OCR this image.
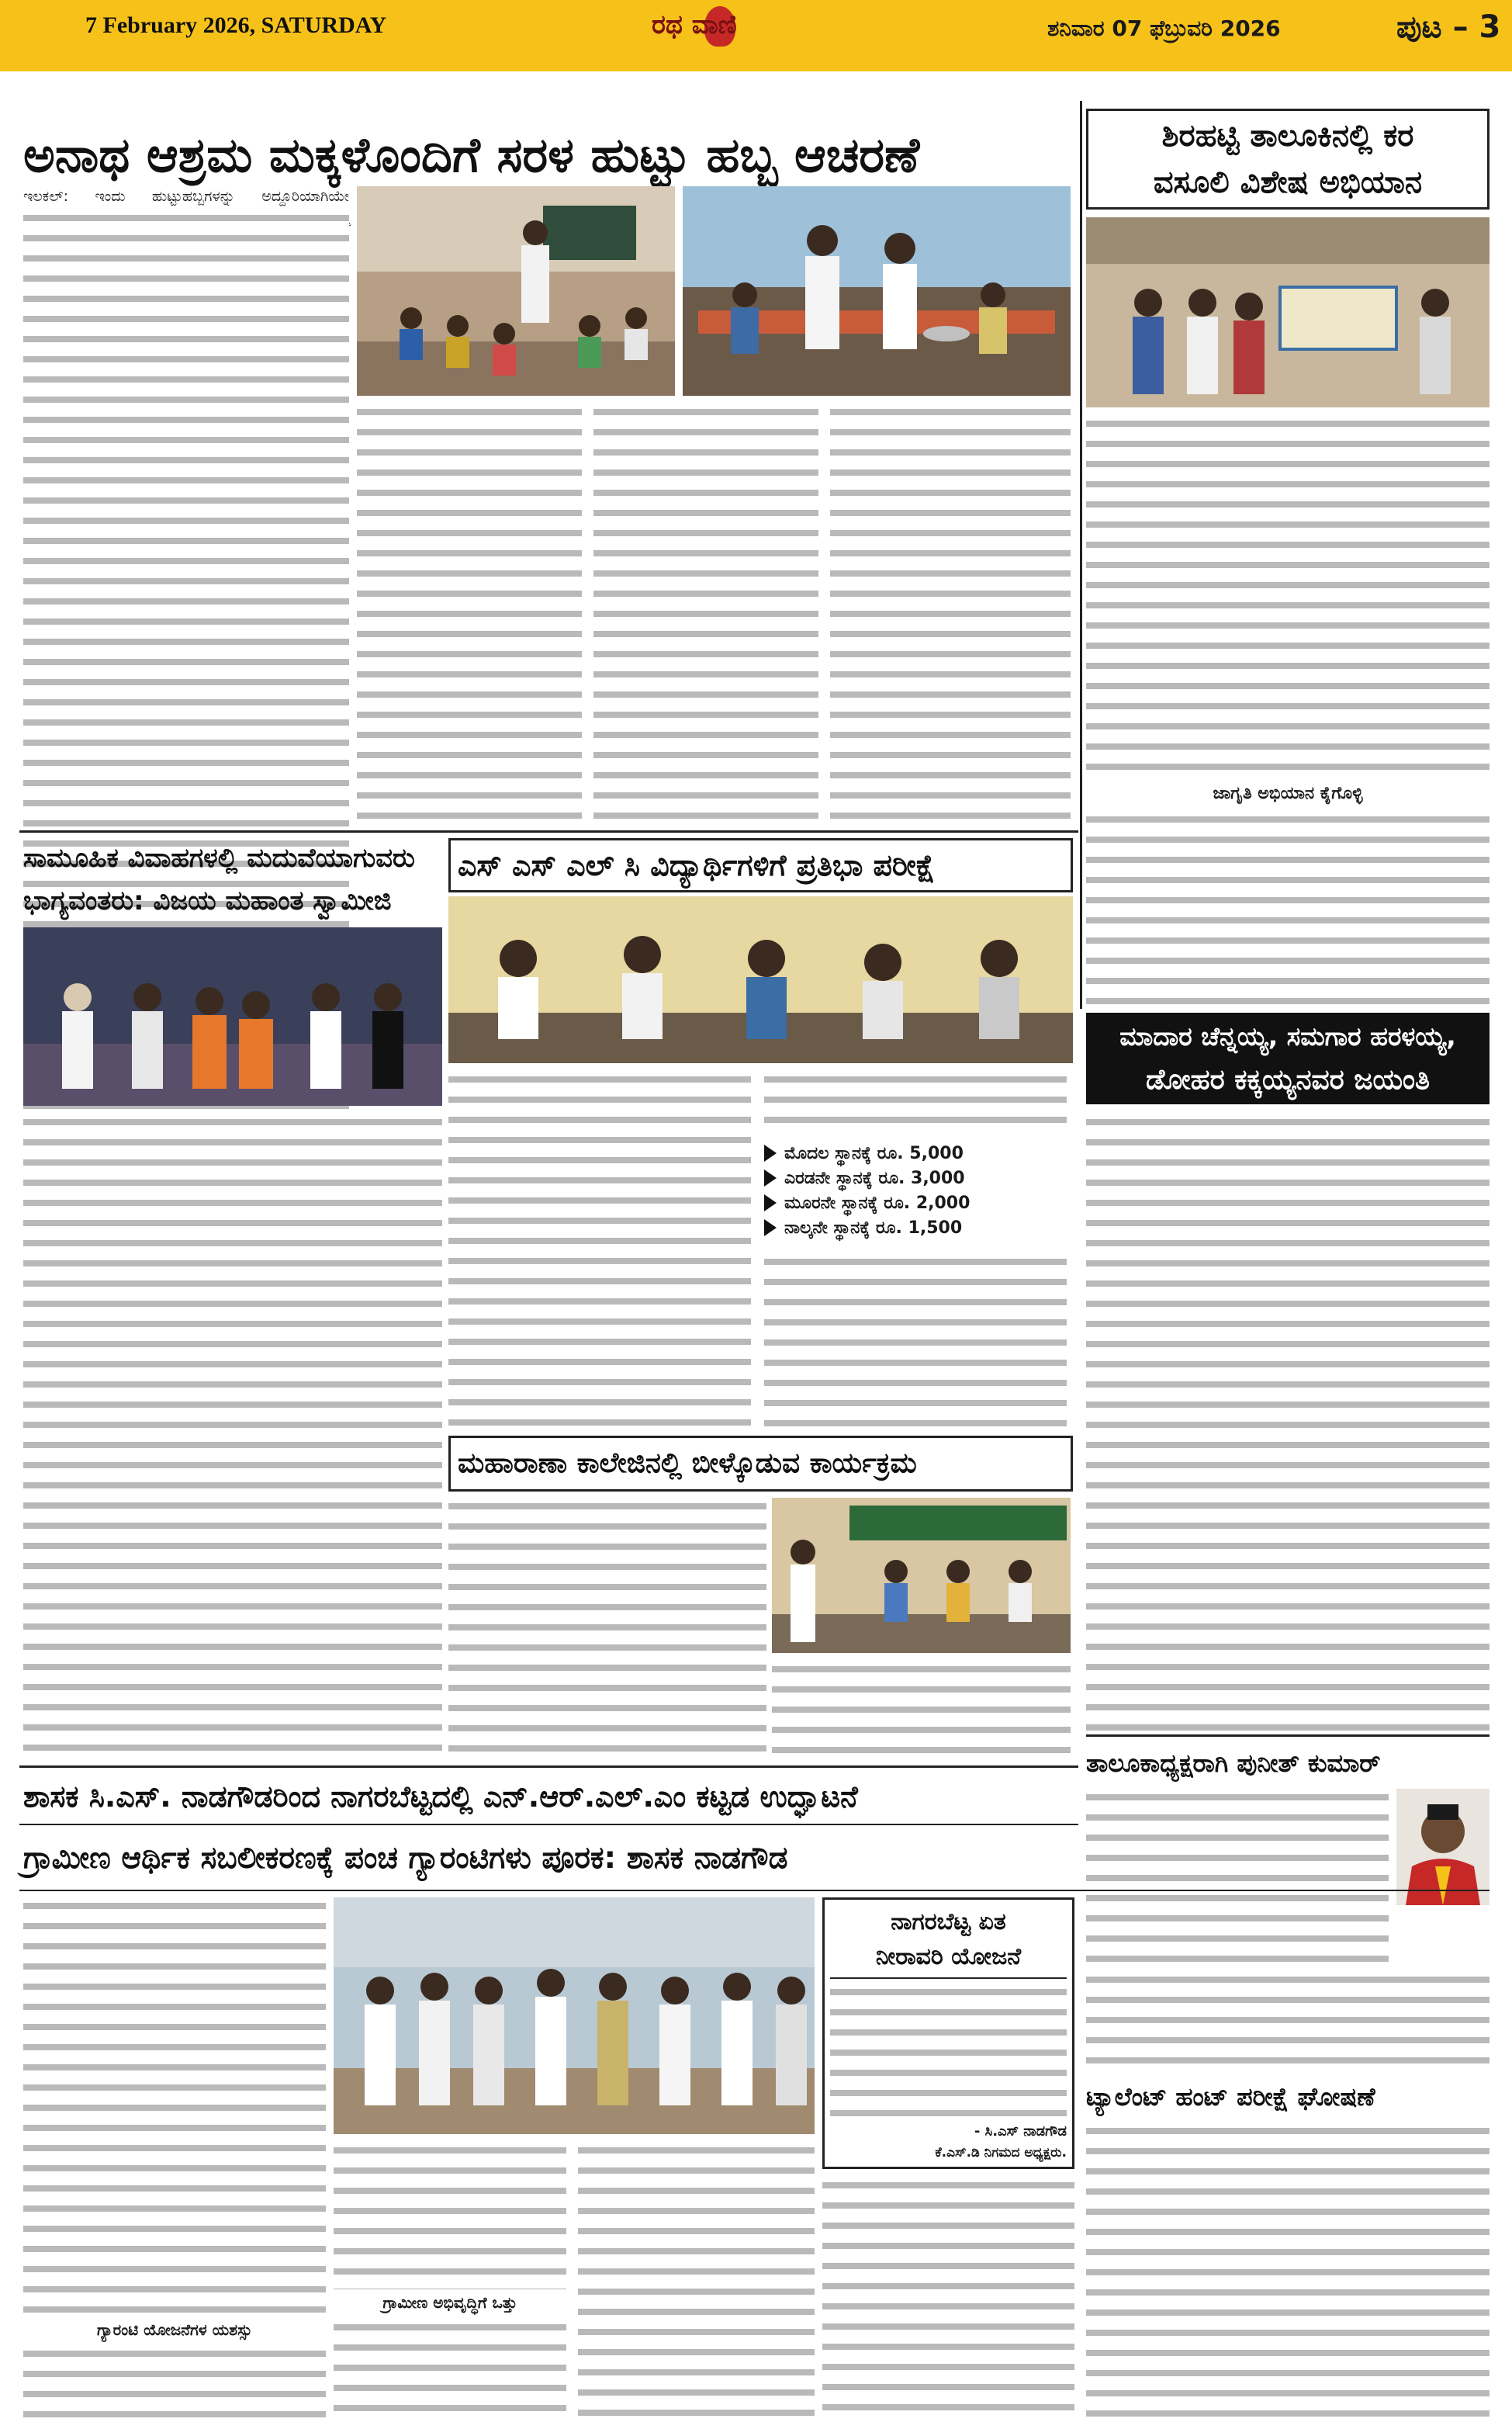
7 February 2026, SATURDAY	ರಥ ವಾಣಿ	ಶನಿವಾರ 07 ಫೆಬ್ರುವರಿ 2026	ಪುಟ – 3
ಅನಾಥ ಆಶ್ರಮ ಮಕ್ಕಳೊಂದಿಗೆ ಸರಳ ಹುಟ್ಟು ಹಬ್ಬ ಆಚರಣೆ
ಇಲಕಲ್‌: ಇಂದು ಹುಟ್ಟುಹಬ್ಬಗಳನ್ನು ಅದ್ದೂರಿಯಾಗಿಯೇ
ಶಿರಹಟ್ಟಿ ತಾಲೂಕಿನಲ್ಲಿ ಕರ
ವಸೂಲಿ ವಿಶೇಷ ಅಭಿಯಾನ
ಜಾಗೃತಿ ಅಭಿಯಾನ ಕೈಗೊಳ್ಳಿ
ಸಾಮೂಹಿಕ ವಿವಾಹಗಳಲ್ಲಿ ಮದುವೆಯಾಗುವರು
ಭಾಗ್ಯವಂತರು: ವಿಜಯ ಮಹಾಂತ ಸ್ವಾಮೀಜಿ
ಎಸ್ ಎಸ್ ಎಲ್ ಸಿ ವಿದ್ಯಾರ್ಥಿಗಳಿಗೆ ಪ್ರತಿಭಾ ಪರೀಕ್ಷೆ
ಮೊದಲ ಸ್ಥಾನಕ್ಕೆ ರೂ. 5,000
ಎರಡನೇ ಸ್ಥಾನಕ್ಕೆ ರೂ. 3,000
ಮೂರನೇ ಸ್ಥಾನಕ್ಕೆ ರೂ. 2,000
ನಾಲ್ಕನೇ ಸ್ಥಾನಕ್ಕೆ ರೂ. 1,500
ಮಹಾರಾಣಾ ಕಾಲೇಜಿನಲ್ಲಿ ಬೀಳ್ಕೊಡುವ ಕಾರ್ಯಕ್ರಮ
ಮಾದಾರ ಚೆನ್ನಯ್ಯ, ಸಮಗಾರ ಹರಳಯ್ಯ,
ಡೋಹರ ಕಕ್ಕಯ್ಯನವರ ಜಯಂತಿ
ತಾಲೂಕಾಧ್ಯಕ್ಷರಾಗಿ ಪುನೀತ್ ಕುಮಾರ್
ಶಾಸಕ ಸಿ.ಎಸ್. ನಾಡಗೌಡರಿಂದ ನಾಗರಬೆಟ್ಟದಲ್ಲಿ ಎನ್.ಆರ್.ಎಲ್.ಎಂ ಕಟ್ಟಡ ಉದ್ಘಾಟನೆ
ಗ್ರಾಮೀಣ ಆರ್ಥಿಕ ಸಬಲೀಕರಣಕ್ಕೆ ಪಂಚ ಗ್ಯಾರಂಟಿಗಳು ಪೂರಕ: ಶಾಸಕ ನಾಡಗೌಡ
ಗ್ಯಾರಂಟಿ ಯೋಜನೆಗಳ ಯಶಸ್ಸು
ಗ್ರಾಮೀಣ ಅಭಿವೃದ್ಧಿಗೆ ಒತ್ತು
ನಾಗರಬೆಟ್ಟ ಏತ
ನೀರಾವರಿ ಯೋಜನೆ
- ಸಿ.ಎಸ್ ನಾಡಗೌಡ
ಕೆ.ಎಸ್.ಡಿ ನಿಗಮದ ಅಧ್ಯಕ್ಷರು.
ಟ್ಯಾಲೆಂಟ್ ಹಂಟ್ ಪರೀಕ್ಷೆ ಘೋಷಣೆ
